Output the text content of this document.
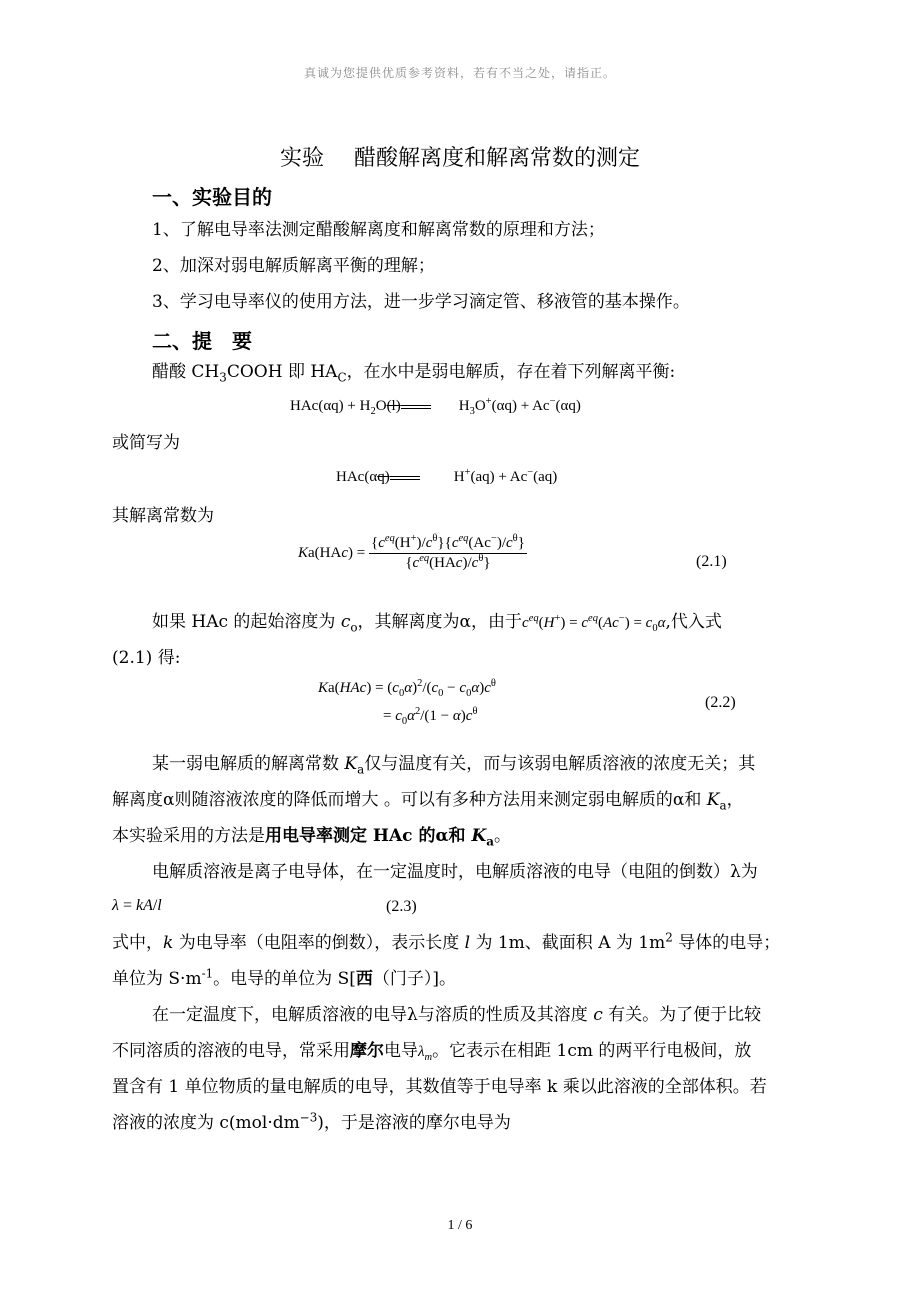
真诚为您提供优质参考资料，若有不当之处，请指正。
实验 醋酸解离度和解离常数的测定
一、实验目的
1、了解电导率法测定醋酸解离度和解离常数的原理和方法；
2、加深对弱电解质解离平衡的理解；
3、学习电导率仪的使用方法，进一步学习滴定管、移液管的基本操作。
二、提　要
醋酸 $CH_3COOH$ 即 $HA_C$，在水中是弱电解质，存在着下列解离平衡:
$HAc(\alpha q) + H_2O(l)$	$H_3O^+(\alpha q) + Ac^-(\alpha q)$
或简写为
HAc(αq)	H+(aq) + Ac−(aq)
其解离常数为
$Ka(HAc) = \frac{\{c^{eq}(H^+)/c^\theta\}\{c^{eq}(Ac^-)/c^\theta\}}{\{c^{eq}(HAc)/c^\theta\}}$	(2.1)
如果 HAc 的起始溶度为 $c_o$，其解离度为α，由于$c^{eq}(H^+) = c^{eq}(Ac^-) = c_0\alpha$,代入式
(2.1) 得:
$Ka(HAc) = (c_0\alpha)^2/(c_0 - c_0\alpha)c^\theta$
= $c_0\alpha^2/(1 - \alpha)c^\theta$
(2.2)
某一弱电解质的解离常数 $K_a$仅与温度有关，而与该弱电解质溶液的浓度无关；其
解离度α则随溶液浓度的降低而增大 。可以有多种方法用来测定弱电解质的α和 $K_a$，
本实验采用的方法是用电导率测定 HAc 的α和 $K_a$。
电解质溶液是离子电导体，在一定温度时，电解质溶液的电导（电阻的倒数）λ为
λ = kA/l	(2.3)
式中，k 为电导率（电阻率的倒数），表示长度 l 为 1m、截面积 A 为 $1m^2$ 导体的电导；
单位为 $S\cdot m^{-1}$。电导的单位为 S[西（门子）]。
在一定温度下，电解质溶液的电导λ与溶质的性质及其溶度 c 有关。为了便于比较
不同溶质的溶液的电导，常采用摩尔电导$\lambda_m$。它表示在相距 1cm 的两平行电极间，放
置含有 1 单位物质的量电解质的电导，其数值等于电导率 k 乘以此溶液的全部体积。若
溶液的浓度为 $c(mol\cdot dm^{-3})$，于是溶液的摩尔电导为
1 / 6
